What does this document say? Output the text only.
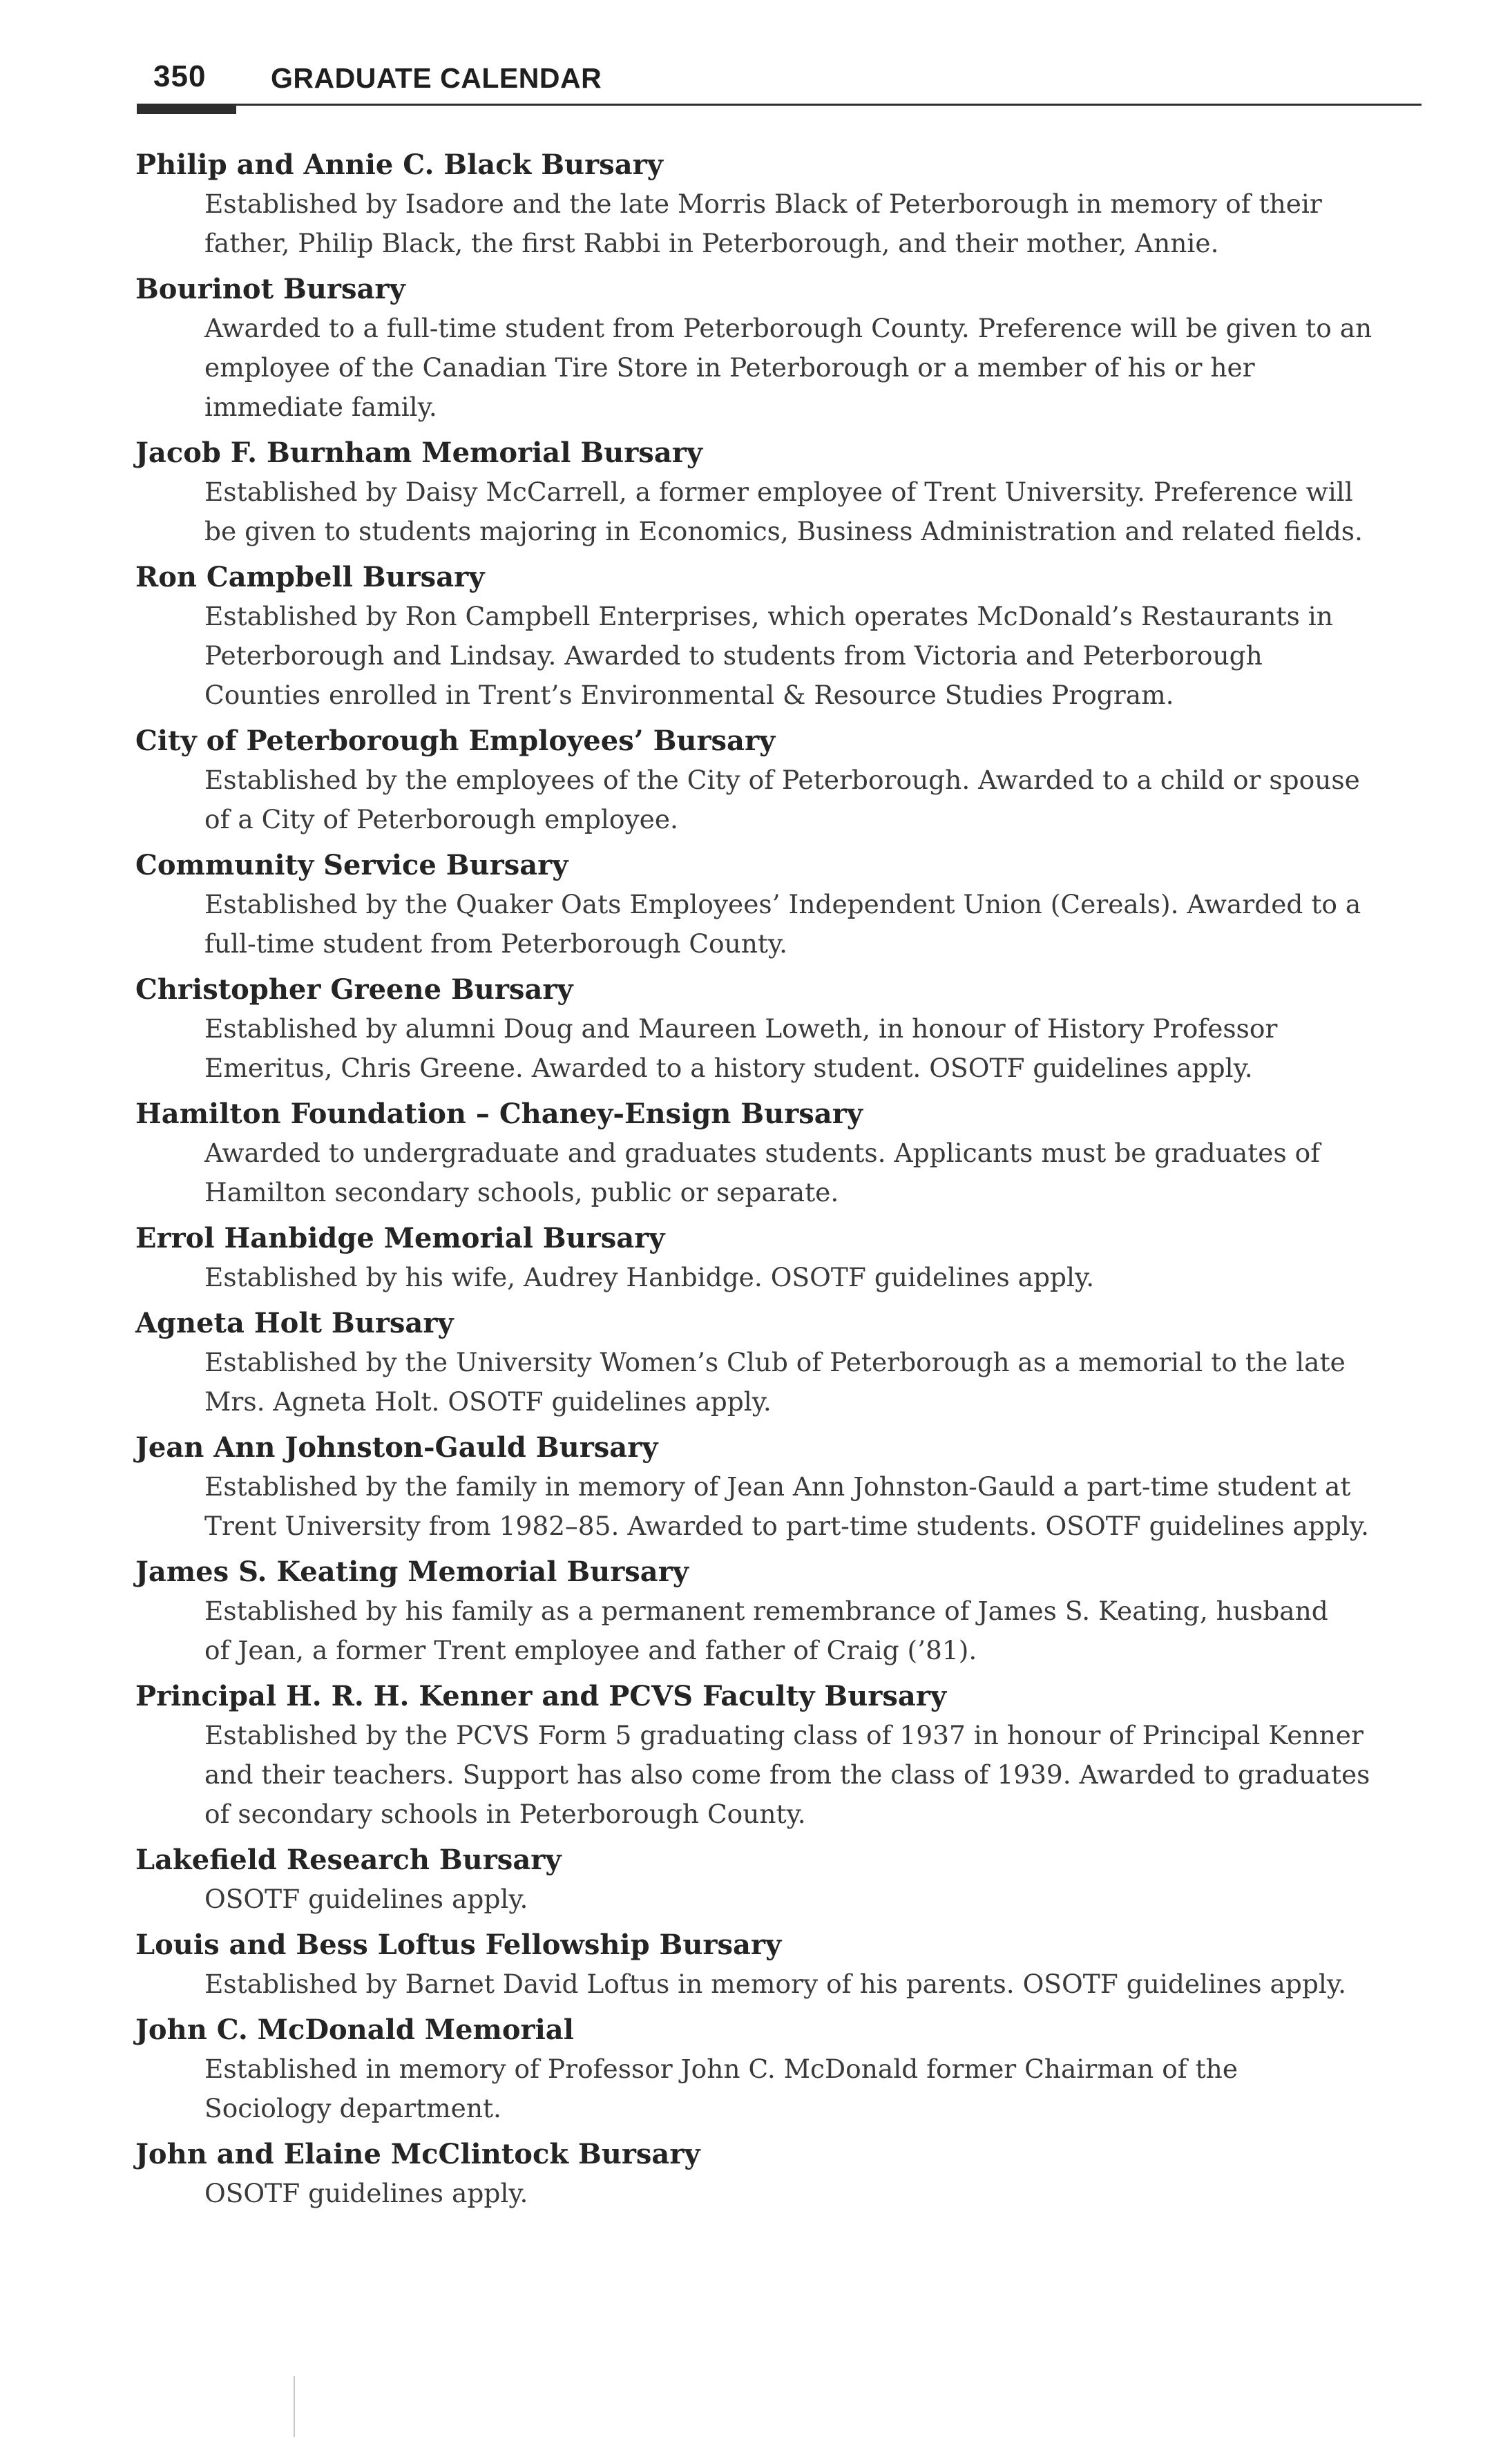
350 GRADUATE CALENDAR
Philip and Annie C. Black Bursary
Established by Isadore and the late Morris Black of Peterborough in memory of their
father, Philip Black, the first Rabbi in Peterborough, and their mother, Annie.
Bourinot Bursary
Awarded to a full-time student from Peterborough County. Preference will be given to an
employee of the Canadian Tire Store in Peterborough or a member of his or her
immediate family.
Jacob F. Burnham Memorial Bursary
Established by Daisy McCarrell, a former employee of Trent University. Preference will
be given to students majoring in Economics, Business Administration and related fields.
Ron Campbell Bursary
Established by Ron Campbell Enterprises, which operates McDonald’s Restaurants in
Peterborough and Lindsay. Awarded to students from Victoria and Peterborough
Counties enrolled in Trent’s Environmental & Resource Studies Program.
City of Peterborough Employees’ Bursary
Established by the employees of the City of Peterborough. Awarded to a child or spouse
of a City of Peterborough employee.
Community Service Bursary
Established by the Quaker Oats Employees’ Independent Union (Cereals). Awarded to a
full-time student from Peterborough County.
Christopher Greene Bursary
Established by alumni Doug and Maureen Loweth, in honour of History Professor
Emeritus, Chris Greene. Awarded to a history student. OSOTF guidelines apply.
Hamilton Foundation – Chaney-Ensign Bursary
Awarded to undergraduate and graduates students. Applicants must be graduates of
Hamilton secondary schools, public or separate.
Errol Hanbidge Memorial Bursary
Established by his wife, Audrey Hanbidge. OSOTF guidelines apply.
Agneta Holt Bursary
Established by the University Women’s Club of Peterborough as a memorial to the late
Mrs. Agneta Holt. OSOTF guidelines apply.
Jean Ann Johnston-Gauld Bursary
Established by the family in memory of Jean Ann Johnston-Gauld a part-time student at
Trent University from 1982–85. Awarded to part-time students. OSOTF guidelines apply.
James S. Keating Memorial Bursary
Established by his family as a permanent remembrance of James S. Keating, husband
of Jean, a former Trent employee and father of Craig (’81).
Principal H. R. H. Kenner and PCVS Faculty Bursary
Established by the PCVS Form 5 graduating class of 1937 in honour of Principal Kenner
and their teachers. Support has also come from the class of 1939. Awarded to graduates
of secondary schools in Peterborough County.
Lakefield Research Bursary
OSOTF guidelines apply.
Louis and Bess Loftus Fellowship Bursary
Established by Barnet David Loftus in memory of his parents. OSOTF guidelines apply.
John C. McDonald Memorial
Established in memory of Professor John C. McDonald former Chairman of the
Sociology department.
John and Elaine McClintock Bursary
OSOTF guidelines apply.
